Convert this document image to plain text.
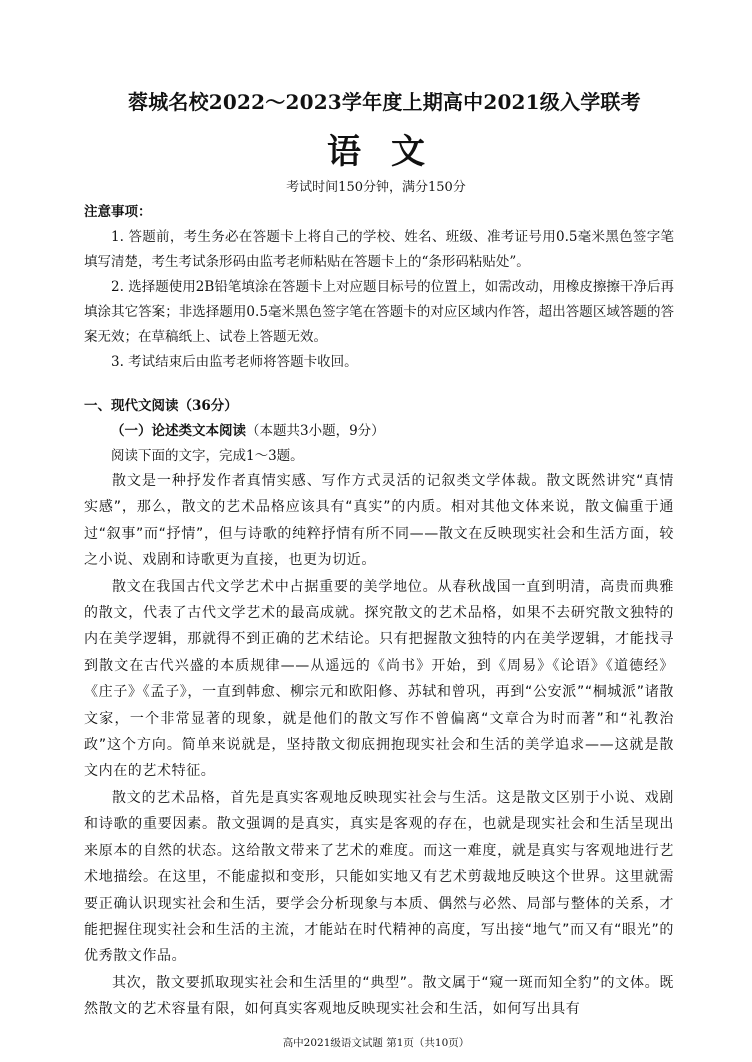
蓉城名校2022～2023学年度上期高中2021级入学联考
语文
考试时间150分钟，满分150分
注意事项：

1. 答题前，考生务必在答题卡上将自己的学校、姓名、班级、准考证号用0.5毫米黑色签字笔填写清楚，考生考试条形码由监考老师粘贴在答题卡上的“条形码粘贴处”。

2. 选择题使用2B铅笔填涂在答题卡上对应题目标号的位置上，如需改动，用橡皮擦擦干净后再填涂其它答案；非选择题用0.5毫米黑色签字笔在答题卡的对应区域内作答，超出答题区域答题的答案无效；在草稿纸上、试卷上答题无效。

3. 考试结束后由监考老师将答题卡收回。

一、现代文阅读（36分）

（一）论述类文本阅读（本题共3小题，9分）

阅读下面的文字，完成1～3题。

散文是一种抒发作者真情实感、写作方式灵活的记叙类文学体裁。散文既然讲究“真情实感”，那么，散文的艺术品格应该具有“真实”的内质。相对其他文体来说，散文偏重于通过“叙事”而“抒情”，但与诗歌的纯粹抒情有所不同——散文在反映现实社会和生活方面，较之小说、戏剧和诗歌更为直接，也更为切近。

散文在我国古代文学艺术中占据重要的美学地位。从春秋战国一直到明清，高贵而典雅的散文，代表了古代文学艺术的最高成就。探究散文的艺术品格，如果不去研究散文独特的内在美学逻辑，那就得不到正确的艺术结论。只有把握散文独特的内在美学逻辑，才能找寻到散文在古代兴盛的本质规律——从遥远的《尚书》开始，到《周易》《论语》《道德经》《庄子》《孟子》，一直到韩愈、柳宗元和欧阳修、苏轼和曾巩，再到“公安派”“桐城派”诸散文家，一个非常显著的现象，就是他们的散文写作不曾偏离“文章合为时而著”和“礼教治政”这个方向。简单来说就是，坚持散文彻底拥抱现实社会和生活的美学追求——这就是散文内在的艺术特征。

散文的艺术品格，首先是真实客观地反映现实社会与生活。这是散文区别于小说、戏剧和诗歌的重要因素。散文强调的是真实，真实是客观的存在，也就是现实社会和生活呈现出来原本的自然的状态。这给散文带来了艺术的难度。而这一难度，就是真实与客观地进行艺术地描绘。在这里，不能虚拟和变形，只能如实地又有艺术剪裁地反映这个世界。这里就需要正确认识现实社会和生活，要学会分析现象与本质、偶然与必然、局部与整体的关系，才能把握住现实社会和生活的主流，才能站在时代精神的高度，写出接“地气”而又有“眼光”的优秀散文作品。

其次，散文要抓取现实社会和生活里的“典型”。散文属于“窥一斑而知全豹”的文体。既然散文的艺术容量有限，如何真实客观地反映现实社会和生活，如何写出具有

高中2021级语文试题 第1页（共10页）
